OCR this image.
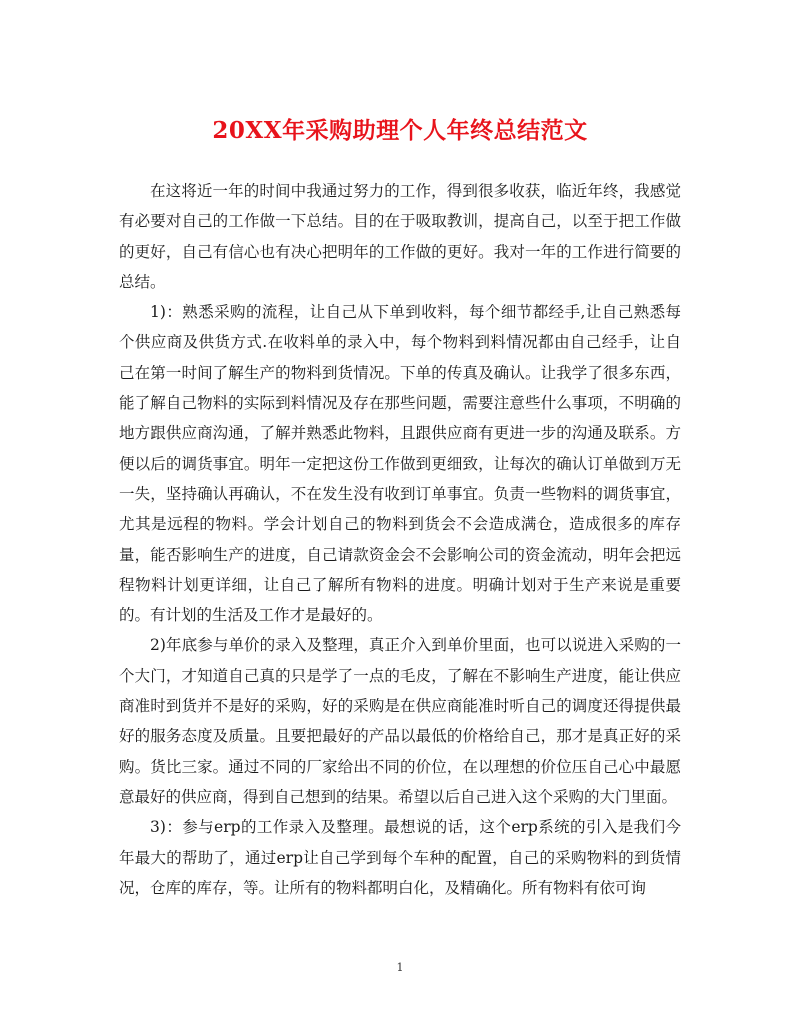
20XX年采购助理个人年终总结范文

在这将近一年的时间中我通过努力的工作，得到很多收获，临近年终，我感觉有必要对自己的工作做一下总结。目的在于吸取教训，提高自己，以至于把工作做的更好，自己有信心也有决心把明年的工作做的更好。我对一年的工作进行简要的总结。

1)：熟悉采购的流程，让自己从下单到收料，每个细节都经手,让自己熟悉每个供应商及供货方式.在收料单的录入中，每个物料到料情况都由自己经手，让自己在第一时间了解生产的物料到货情况。下单的传真及确认。让我学了很多东西，能了解自己物料的实际到料情况及存在那些问题，需要注意些什么事项，不明确的地方跟供应商沟通，了解并熟悉此物料，且跟供应商有更进一步的沟通及联系。方便以后的调货事宜。明年一定把这份工作做到更细致，让每次的确认订单做到万无一失，坚持确认再确认，不在发生没有收到订单事宜。负责一些物料的调货事宜，尤其是远程的物料。学会计划自己的物料到货会不会造成满仓，造成很多的库存量，能否影响生产的进度，自己请款资金会不会影响公司的资金流动，明年会把远程物料计划更详细，让自己了解所有物料的进度。明确计划对于生产来说是重要的。有计划的生活及工作才是最好的。

2)年底参与单价的录入及整理，真正介入到单价里面，也可以说进入采购的一个大门，才知道自己真的只是学了一点的毛皮，了解在不影响生产进度，能让供应商准时到货并不是好的采购，好的采购是在供应商能准时听自己的调度还得提供最好的服务态度及质量。且要把最好的产品以最低的价格给自己，那才是真正好的采购。货比三家。通过不同的厂家给出不同的价位，在以理想的价位压自己心中最愿意最好的供应商，得到自己想到的结果。希望以后自己进入这个采购的大门里面。

3)：参与erp的工作录入及整理。最想说的话，这个erp系统的引入是我们今年最大的帮助了，通过erp让自己学到每个车种的配置，自己的采购物料的到货情况，仓库的库存，等。让所有的物料都明白化，及精确化。所有物料有依可询

1
